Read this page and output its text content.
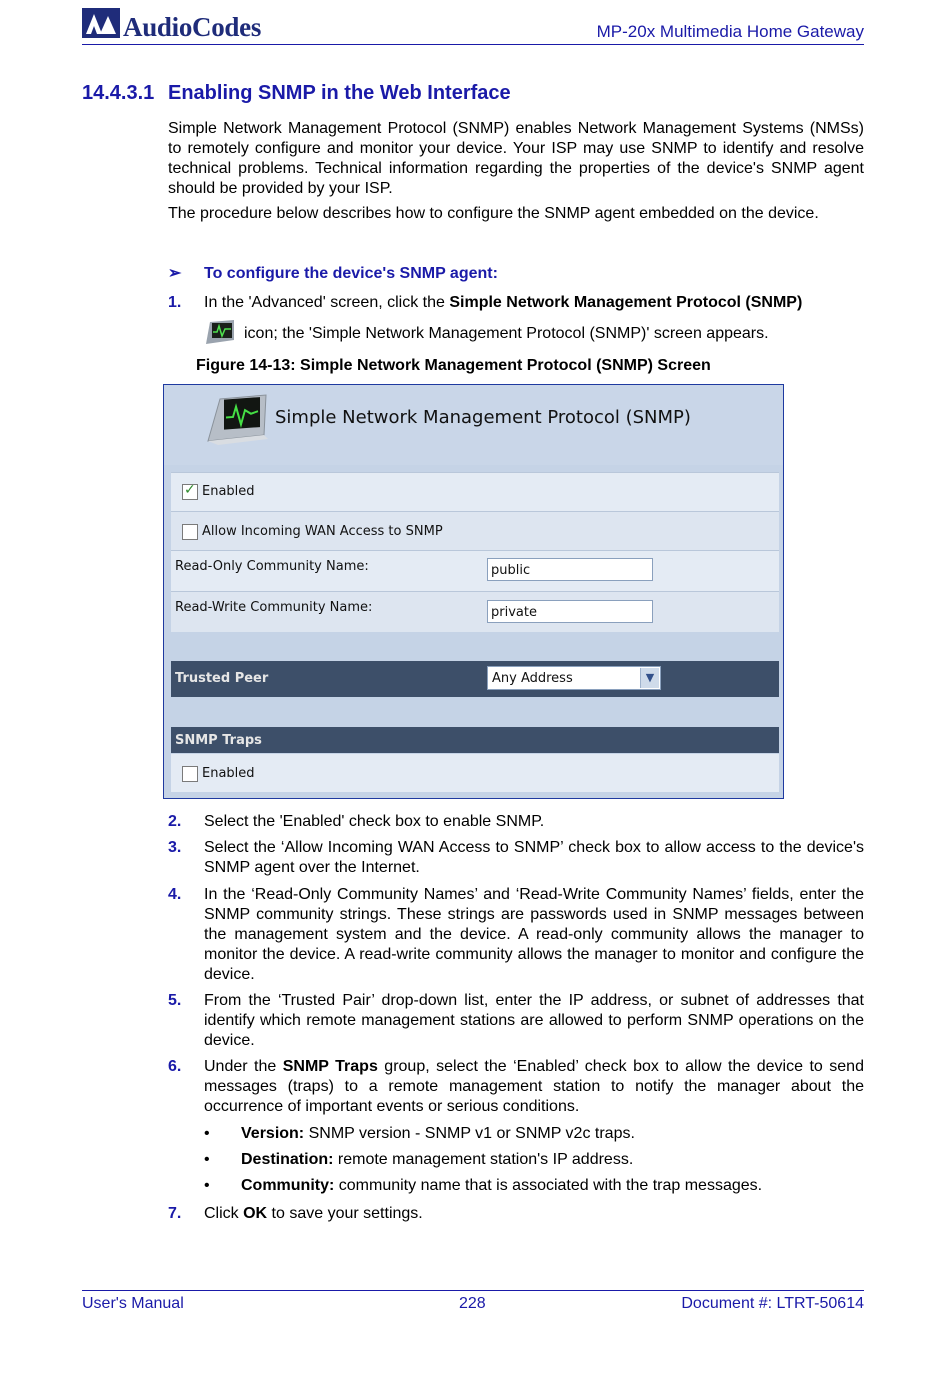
AudioCodes	MP-20x Multimedia Home Gateway
14.4.3.1 Enabling SNMP in the Web Interface
Simple Network Management Protocol (SNMP) enables Network Management Systems (NMSs) to remotely configure and monitor your device. Your ISP may use SNMP to identify and resolve technical problems. Technical information regarding the properties of the device's SNMP agent should be provided by your ISP.
The procedure below describes how to configure the SNMP agent embedded on the device.
➢ To configure the device's SNMP agent:
1. In the 'Advanced' screen, click the Simple Network Management Protocol (SNMP)
icon; the 'Simple Network Management Protocol (SNMP)' screen appears.
Figure 14-13: Simple Network Management Protocol (SNMP) Screen
Simple Network Management Protocol (SNMP)
✓ Enabled
Allow Incoming WAN Access to SNMP
Read-Only Community Name:	public
Read-Write Community Name:	private
Trusted Peer	Any Address	▼
SNMP Traps
Enabled
2. Select the 'Enabled' check box to enable SNMP.
3. Select the ‘Allow Incoming WAN Access to SNMP’ check box to allow access to the device's SNMP agent over the Internet.
4. In the ‘Read-Only Community Names’ and ‘Read-Write Community Names’ fields, enter the SNMP community strings. These strings are passwords used in SNMP messages between the management system and the device. A read-only community allows the manager to monitor the device. A read-write community allows the manager to monitor and configure the device.
5. From the ‘Trusted Pair’ drop-down list, enter the IP address, or subnet of addresses that identify which remote management stations are allowed to perform SNMP operations on the device.
6. Under the SNMP Traps group, select the ‘Enabled’ check box to allow the device to send messages (traps) to a remote management station to notify the manager about the occurrence of important events or serious conditions.
• Version: SNMP version - SNMP v1 or SNMP v2c traps.
• Destination: remote management station's IP address.
• Community: community name that is associated with the trap messages.
7. Click OK to save your settings.
User's Manual	228	Document #: LTRT-50614
